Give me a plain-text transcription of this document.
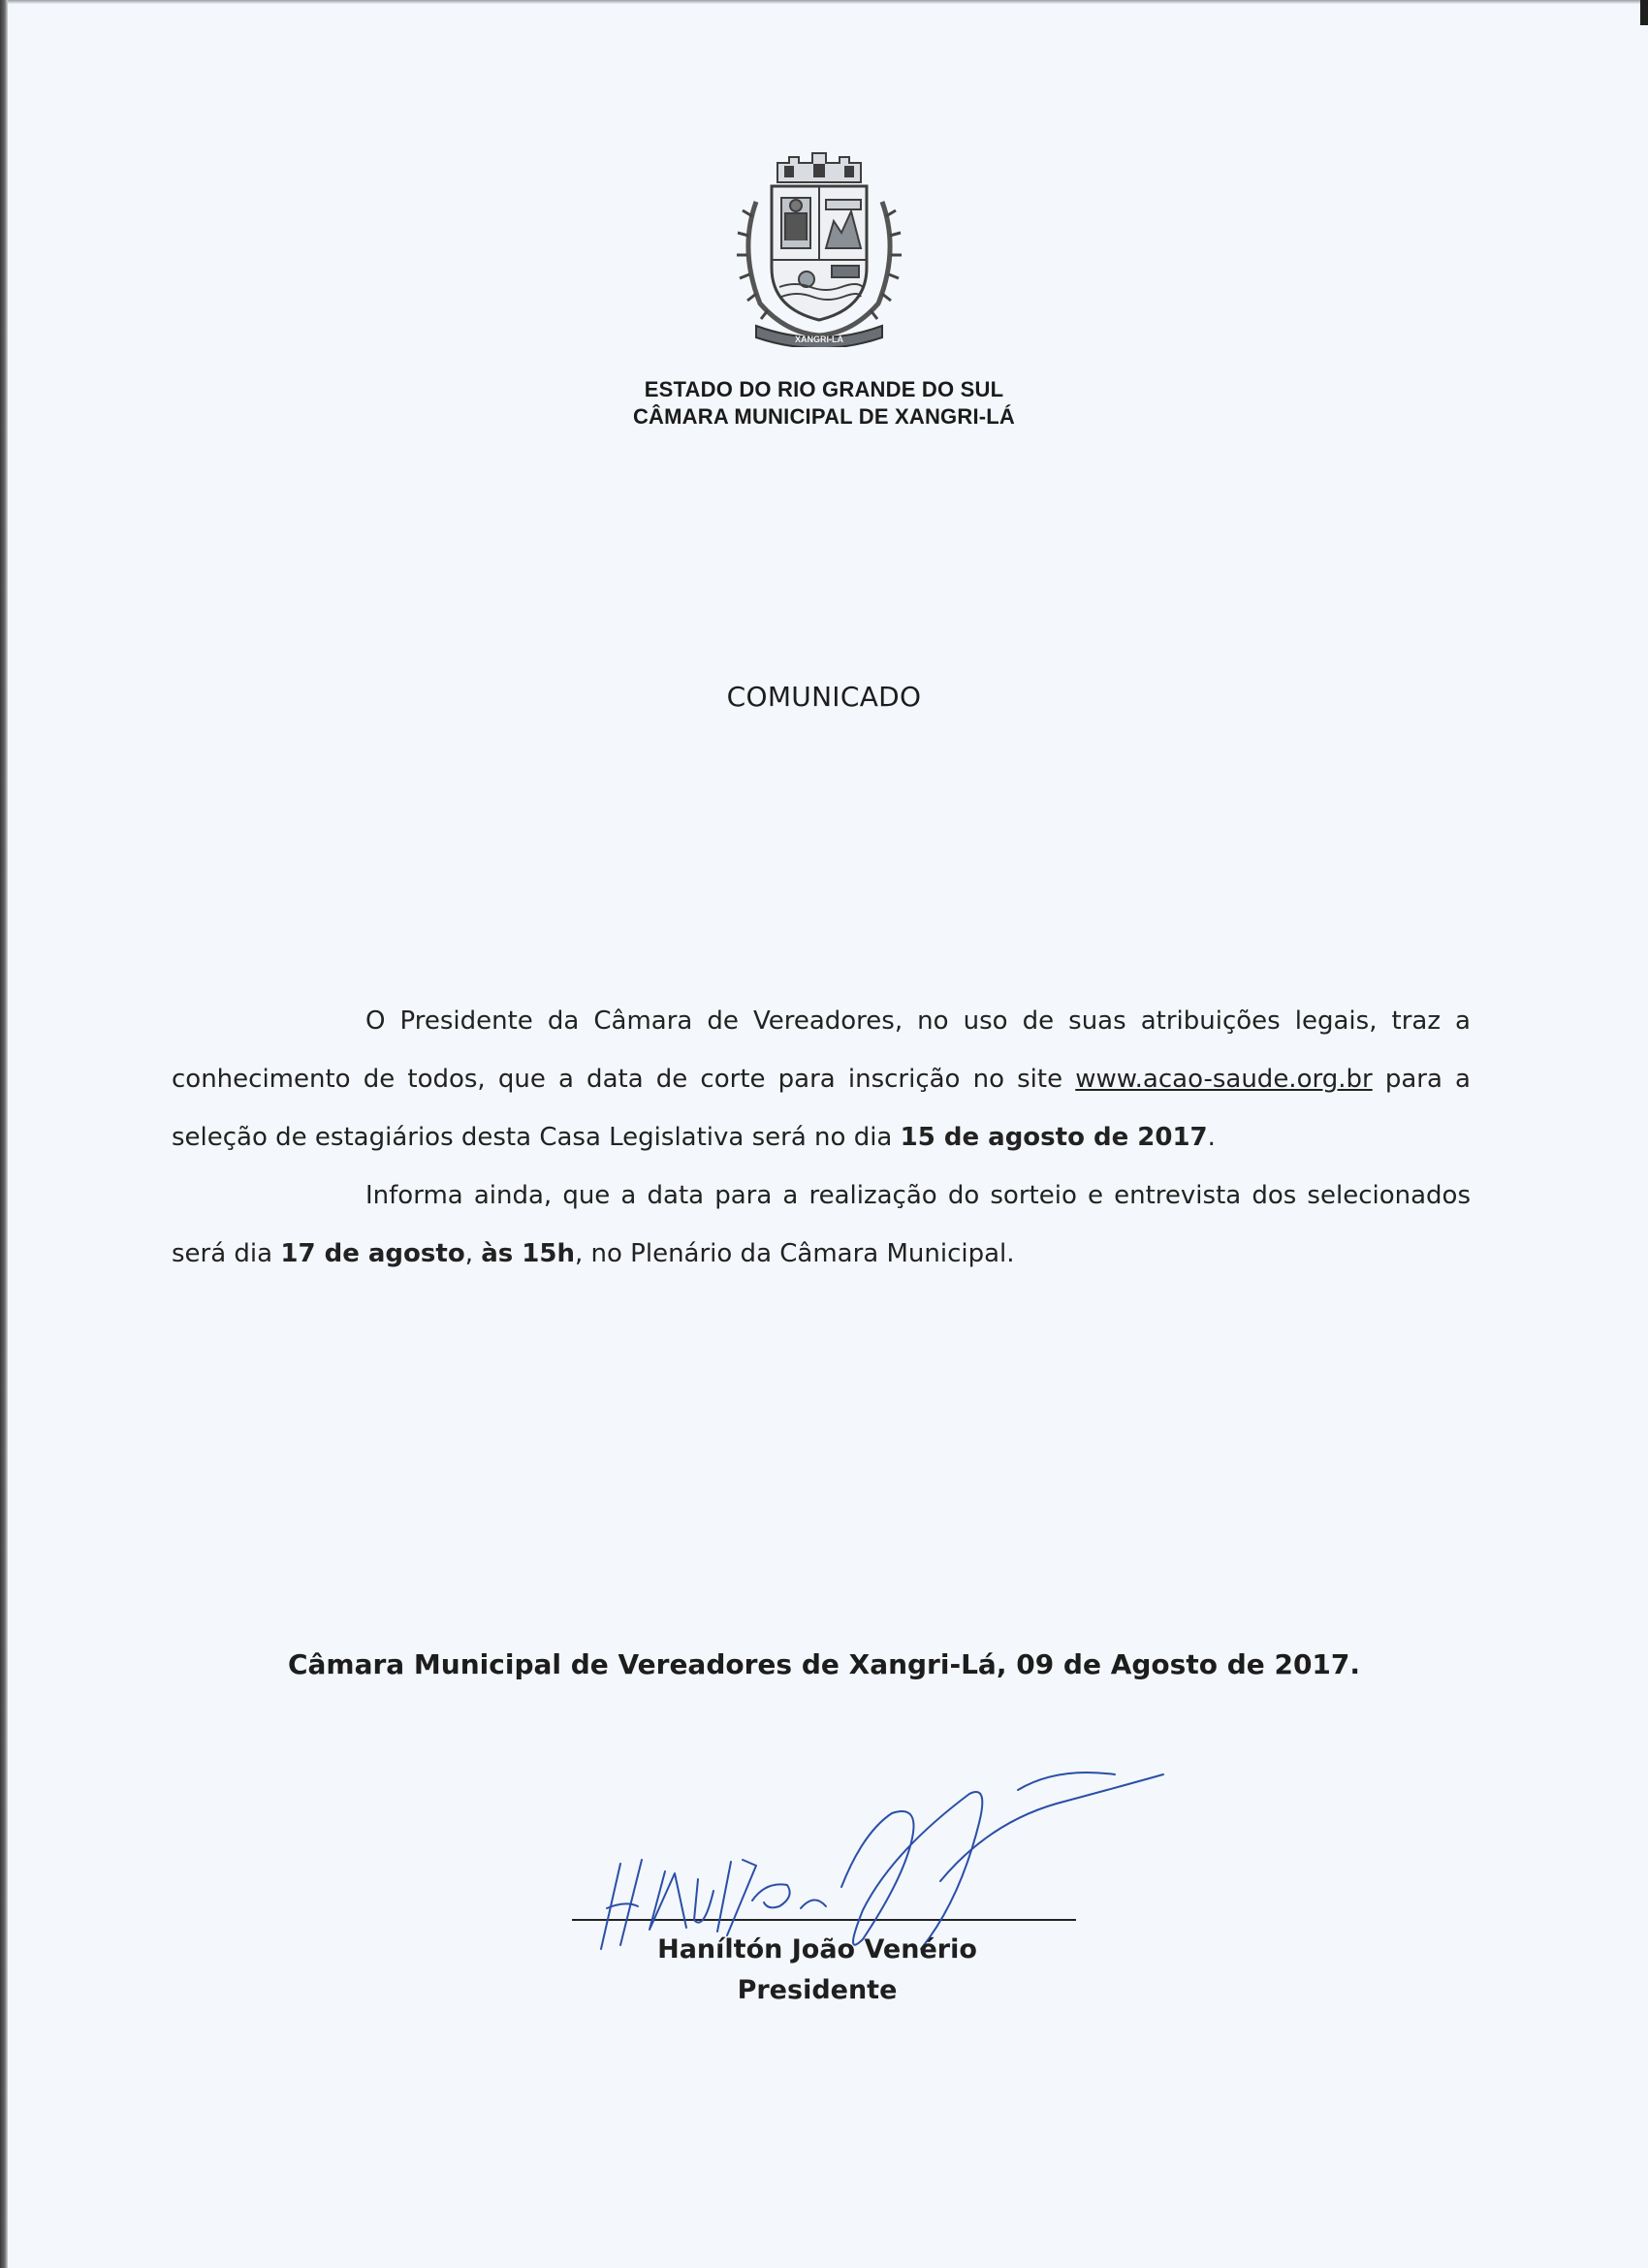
XANGRI-LÁ
ESTADO DO RIO GRANDE DO SUL
CÂMARA MUNICIPAL DE XANGRI-LÁ
COMUNICADO

O Presidente da Câmara de Vereadores, no uso de suas atribuições legais, traz a conhecimento de todos, que a data de corte para inscrição no site www.acao-saude.org.br para a seleção de estagiários desta Casa Legislativa será no dia 15 de agosto de 2017.

Informa ainda, que a data para a realização do sorteio e entrevista dos selecionados será dia 17 de agosto, às 15h, no Plenário da Câmara Municipal.

Câmara Municipal de Vereadores de Xangri-Lá, 09 de Agosto de 2017.
Haníltón João Venério
Presidente
